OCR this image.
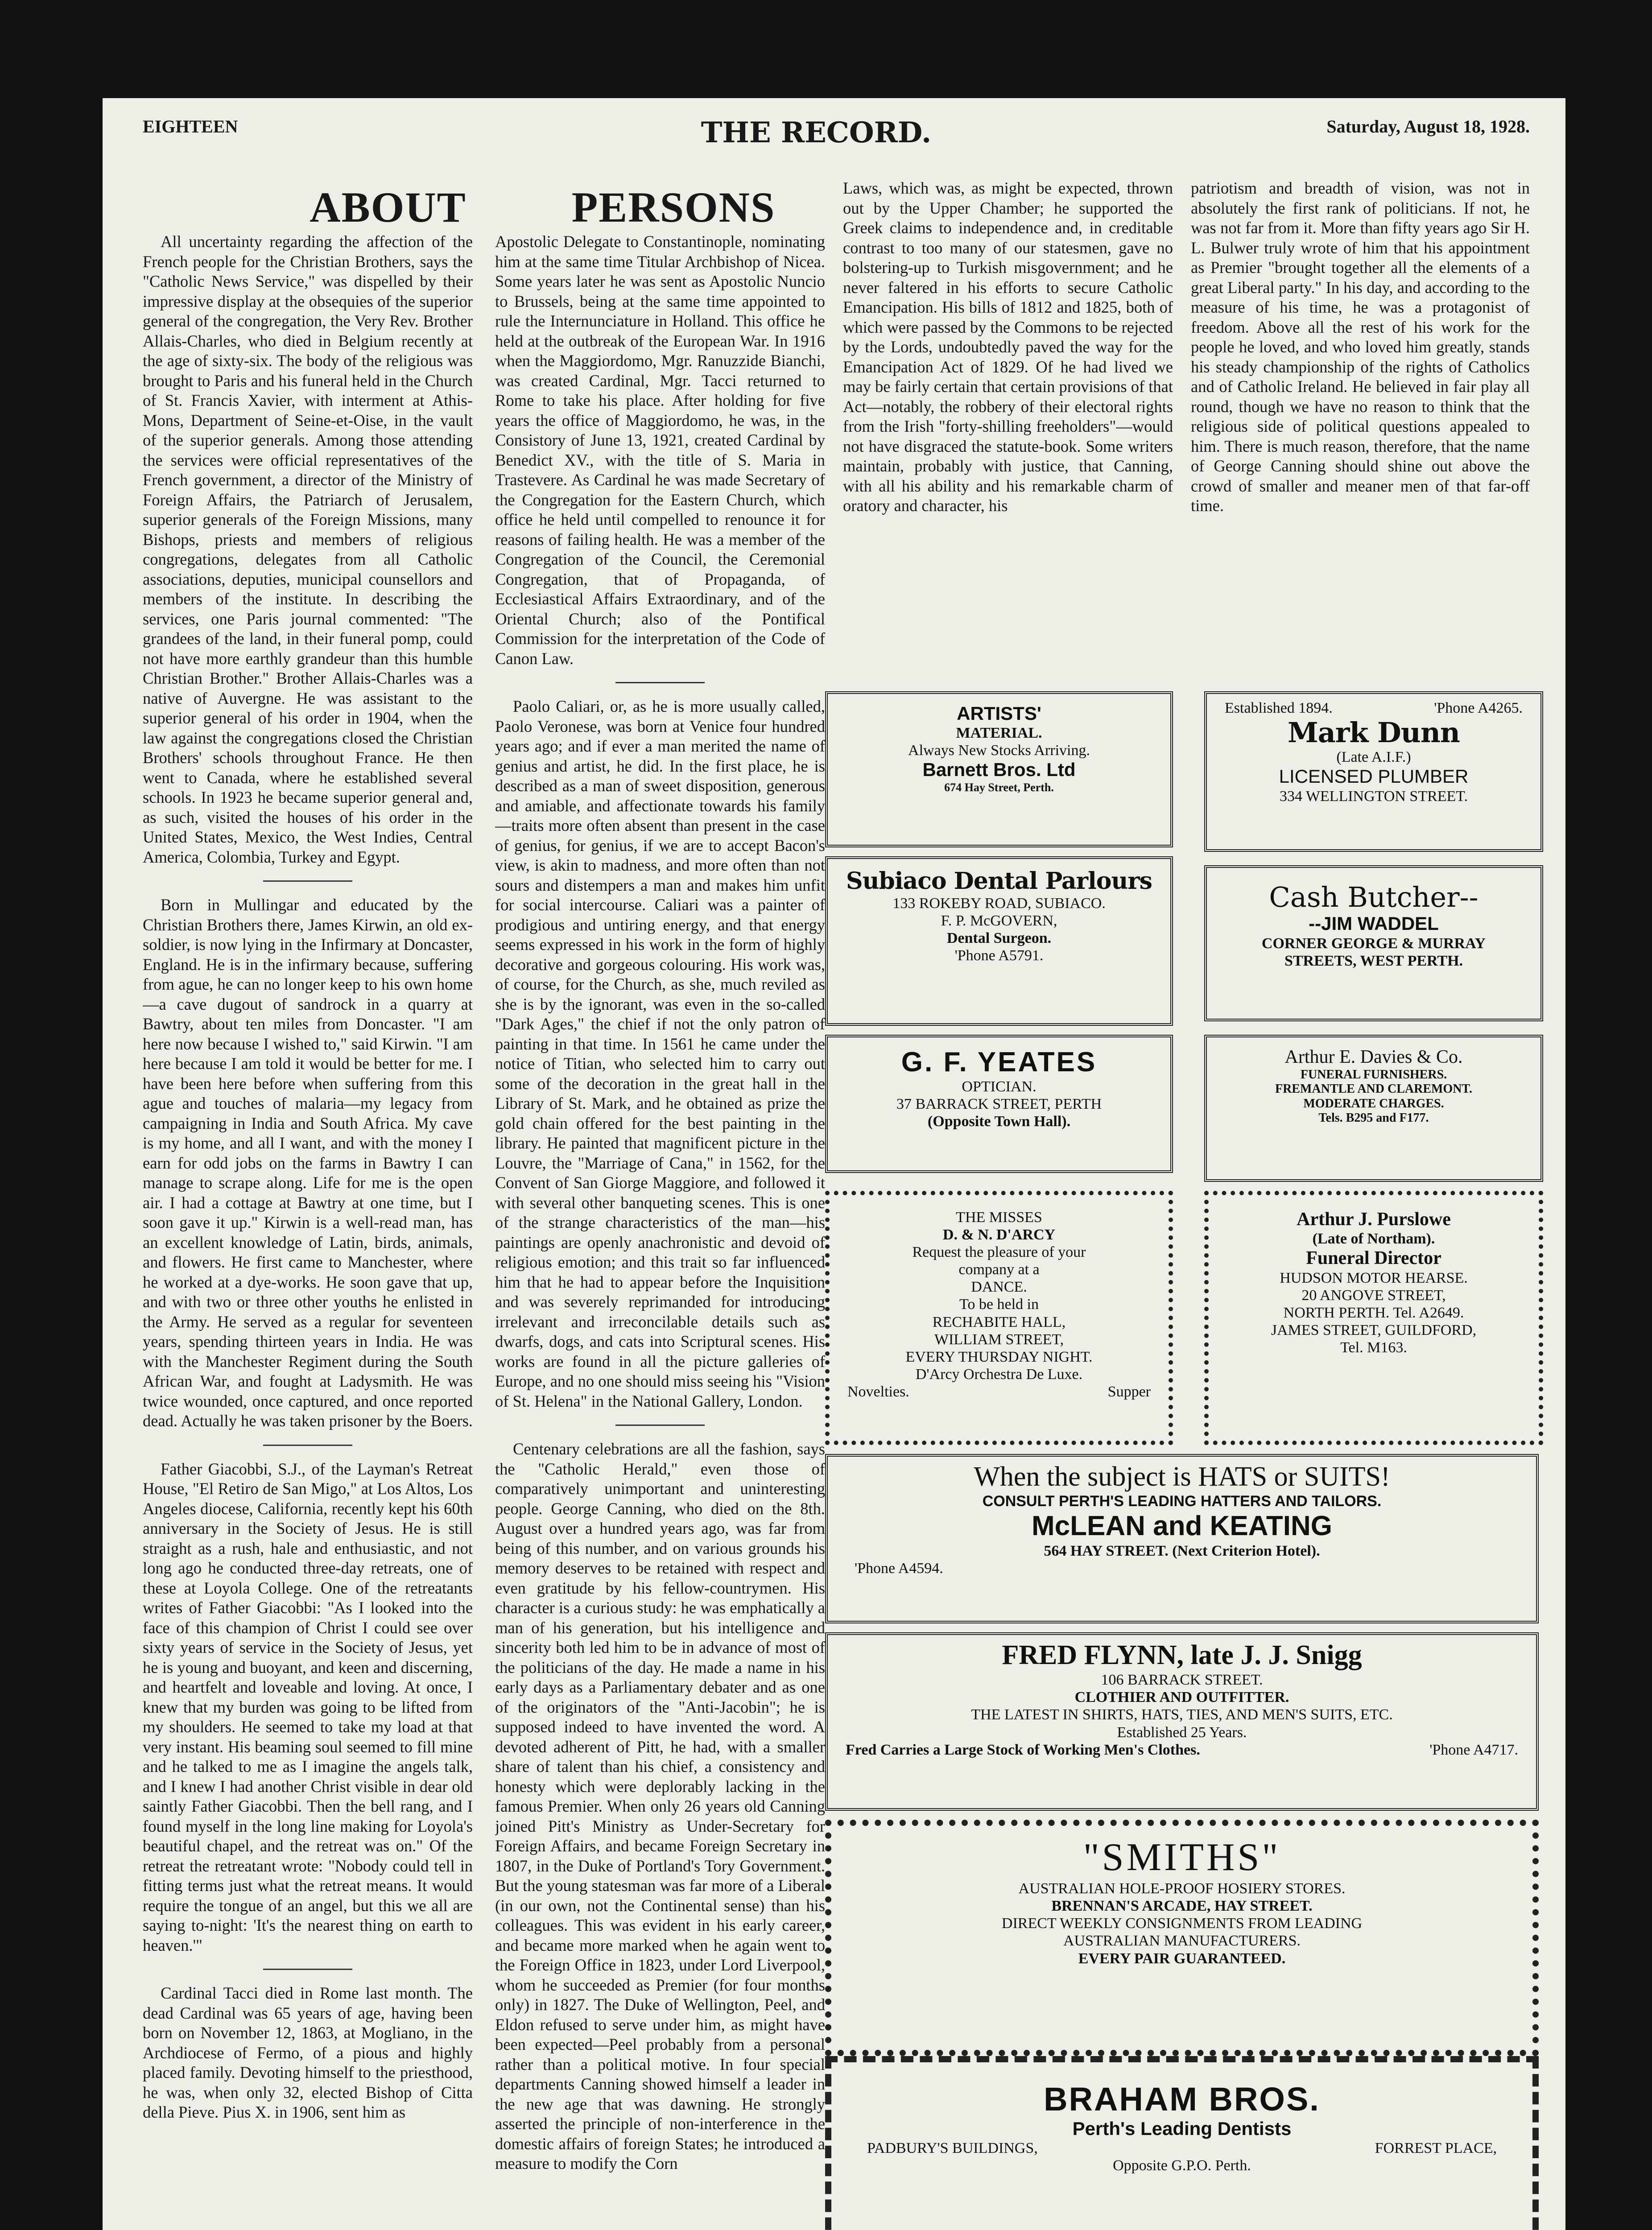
EIGHTEEN	THE RECORD.	Saturday, August 18, 1928.
ABOUT	PERSONS

All uncertainty regarding the affection of the French people for the Christian Brothers, says the "Catholic News Service," was dispelled by their impressive display at the obsequies of the superior general of the congregation, the Very Rev. Brother Allais-Charles, who died in Belgium recently at the age of sixty-six. The body of the religious was brought to Paris and his funeral held in the Church of St. Francis Xavier, with interment at Athis-Mons, Department of Seine-et-Oise, in the vault of the superior generals. Among those attending the services were official representatives of the French government, a director of the Ministry of Foreign Affairs, the Patriarch of Jerusalem, superior generals of the Foreign Missions, many Bishops, priests and members of religious congregations, delegates from all Catholic associations, deputies, municipal counsellors and members of the institute. In describing the services, one Paris journal commented: "The grandees of the land, in their funeral pomp, could not have more earthly grandeur than this humble Christian Brother." Brother Allais-Charles was a native of Auvergne. He was assistant to the superior general of his order in 1904, when the law against the congregations closed the Christian Brothers' schools throughout France. He then went to Canada, where he established several schools. In 1923 he became superior general and, as such, visited the houses of his order in the United States, Mexico, the West Indies, Central America, Colombia, Turkey and Egypt.

Born in Mullingar and educated by the Christian Brothers there, James Kirwin, an old ex-soldier, is now lying in the Infirmary at Doncaster, England. He is in the infirmary because, suffering from ague, he can no longer keep to his own home—a cave dugout of sandrock in a quarry at Bawtry, about ten miles from Doncaster. "I am here now because I wished to," said Kirwin. "I am here because I am told it would be better for me. I have been here before when suffering from this ague and touches of malaria—my legacy from campaigning in India and South Africa. My cave is my home, and all I want, and with the money I earn for odd jobs on the farms in Bawtry I can manage to scrape along. Life for me is the open air. I had a cottage at Bawtry at one time, but I soon gave it up." Kirwin is a well-read man, has an excellent knowledge of Latin, birds, animals, and flowers. He first came to Manchester, where he worked at a dye-works. He soon gave that up, and with two or three other youths he enlisted in the Army. He served as a regular for seventeen years, spending thirteen years in India. He was with the Manchester Regiment during the South African War, and fought at Ladysmith. He was twice wounded, once captured, and once reported dead. Actually he was taken prisoner by the Boers.

Father Giacobbi, S.J., of the Layman's Retreat House, "El Retiro de San Migo," at Los Altos, Los Angeles diocese, California, recently kept his 60th anniversary in the Society of Jesus. He is still straight as a rush, hale and enthusiastic, and not long ago he conducted three-day retreats, one of these at Loyola College. One of the retreatants writes of Father Giacobbi: "As I looked into the face of this champion of Christ I could see over sixty years of service in the Society of Jesus, yet he is young and buoyant, and keen and discerning, and heartfelt and loveable and loving. At once, I knew that my burden was going to be lifted from my shoulders. He seemed to take my load at that very instant. His beaming soul seemed to fill mine and he talked to me as I imagine the angels talk, and I knew I had another Christ visible in dear old saintly Father Giacobbi. Then the bell rang, and I found myself in the long line making for Loyola's beautiful chapel, and the retreat was on." Of the retreat the retreatant wrote: "Nobody could tell in fitting terms just what the retreat means. It would require the tongue of an angel, but this we all are saying to-night: 'It's the nearest thing on earth to heaven.'"

Cardinal Tacci died in Rome last month. The dead Cardinal was 65 years of age, having been born on November 12, 1863, at Mogliano, in the Archdiocese of Fermo, of a pious and highly placed family. Devoting himself to the priesthood, he was, when only 32, elected Bishop of Citta della Pieve. Pius X. in 1906, sent him as

Apostolic Delegate to Constantinople, nominating him at the same time Titular Archbishop of Nicea. Some years later he was sent as Apostolic Nuncio to Brussels, being at the same time appointed to rule the Internunciature in Holland. This office he held at the outbreak of the European War. In 1916 when the Maggiordomo, Mgr. Ranuzzide Bianchi, was created Cardinal, Mgr. Tacci returned to Rome to take his place. After holding for five years the office of Maggiordomo, he was, in the Consistory of June 13, 1921, created Cardinal by Benedict XV., with the title of S. Maria in Trastevere. As Cardinal he was made Secretary of the Congregation for the Eastern Church, which office he held until compelled to renounce it for reasons of failing health. He was a member of the Congregation of the Council, the Ceremonial Congregation, that of Propaganda, of Ecclesiastical Affairs Extraordinary, and of the Oriental Church; also of the Pontifical Commission for the interpretation of the Code of Canon Law.

Paolo Caliari, or, as he is more usually called, Paolo Veronese, was born at Venice four hundred years ago; and if ever a man merited the name of genius and artist, he did. In the first place, he is described as a man of sweet disposition, generous and amiable, and affectionate towards his family—traits more often absent than present in the case of genius, for genius, if we are to accept Bacon's view, is akin to madness, and more often than not sours and distempers a man and makes him unfit for social intercourse. Caliari was a painter of prodigious and untiring energy, and that energy seems expressed in his work in the form of highly decorative and gorgeous colouring. His work was, of course, for the Church, as she, much reviled as she is by the ignorant, was even in the so-called "Dark Ages," the chief if not the only patron of painting in that time. In 1561 he came under the notice of Titian, who selected him to carry out some of the decoration in the great hall in the Library of St. Mark, and he obtained as prize the gold chain offered for the best painting in the library. He painted that magnificent picture in the Louvre, the "Marriage of Cana," in 1562, for the Convent of San Giorge Maggiore, and followed it with several other banqueting scenes. This is one of the strange characteristics of the man—his paintings are openly anachronistic and devoid of religious emotion; and this trait so far influenced him that he had to appear before the Inquisition and was severely reprimanded for introducing irrelevant and irreconcilable details such as dwarfs, dogs, and cats into Scriptural scenes. His works are found in all the picture galleries of Europe, and no one should miss seeing his "Vision of St. Helena" in the National Gallery, London.

Centenary celebrations are all the fashion, says the "Catholic Herald," even those of comparatively unimportant and uninteresting people. George Canning, who died on the 8th. August over a hundred years ago, was far from being of this number, and on various grounds his memory deserves to be retained with respect and even gratitude by his fellow-countrymen. His character is a curious study: he was emphatically a man of his generation, but his intelligence and sincerity both led him to be in advance of most of the politicians of the day. He made a name in his early days as a Parliamentary debater and as one of the originators of the "Anti-Jacobin"; he is supposed indeed to have invented the word. A devoted adherent of Pitt, he had, with a smaller share of talent than his chief, a consistency and honesty which were deplorably lacking in the famous Premier. When only 26 years old Canning joined Pitt's Ministry as Under-Secretary for Foreign Affairs, and became Foreign Secretary in 1807, in the Duke of Portland's Tory Government. But the young statesman was far more of a Liberal (in our own, not the Continental sense) than his colleagues. This was evident in his early career, and became more marked when he again went to the Foreign Office in 1823, under Lord Liverpool, whom he succeeded as Premier (for four months only) in 1827. The Duke of Wellington, Peel, and Eldon refused to serve under him, as might have been expected—Peel probably from a personal rather than a political motive. In four special departments Canning showed himself a leader in the new age that was dawning. He strongly asserted the principle of non-interference in the domestic affairs of foreign States; he introduced a measure to modify the Corn

Laws, which was, as might be expected, thrown out by the Upper Chamber; he supported the Greek claims to independence and, in creditable contrast to too many of our statesmen, gave no bolstering-up to Turkish misgovernment; and he never faltered in his efforts to secure Catholic Emancipation. His bills of 1812 and 1825, both of which were passed by the Commons to be rejected by the Lords, undoubtedly paved the way for the Emancipation Act of 1829. Of he had lived we may be fairly certain that certain provisions of that Act—notably, the robbery of their electoral rights from the Irish "forty-shilling freeholders"—would not have disgraced the statute-book. Some writers maintain, probably with justice, that Canning, with all his ability and his remarkable charm of oratory and character, his

patriotism and breadth of vision, was not in absolutely the first rank of politicians. If not, he was not far from it. More than fifty years ago Sir H. L. Bulwer truly wrote of him that his appointment as Premier "brought together all the elements of a great Liberal party." In his day, and according to the measure of his time, he was a protagonist of freedom. Above all the rest of his work for the people he loved, and who loved him greatly, stands his steady championship of the rights of Catholics and of Catholic Ireland. He believed in fair play all round, though we have no reason to think that the religious side of political questions appealed to him. There is much reason, therefore, that the name of George Canning should shine out above the crowd of smaller and meaner men of that far-off time.

ARTISTS'
MATERIAL.
Always New Stocks Arriving.
Barnett Bros. Ltd
674 Hay Street, Perth.
Established 1894.	'Phone A4265.
Mark Dunn
(Late A.I.F.)
LICENSED PLUMBER
334 WELLINGTON STREET.
Subiaco Dental Parlours
133 ROKEBY ROAD, SUBIACO.
F. P. McGOVERN,
Dental Surgeon.
'Phone A5791.
Cash Butcher--
--JIM WADDEL
CORNER GEORGE & MURRAY
STREETS, WEST PERTH.
G. F. YEATES
OPTICIAN.
37 BARRACK STREET, PERTH
(Opposite Town Hall).
Arthur E. Davies & Co.
FUNERAL FURNISHERS.
FREMANTLE AND CLAREMONT.
MODERATE CHARGES.
Tels. B295 and F177.
THE MISSES
D. & N. D'ARCY
Request the pleasure of your
company at a
DANCE.
To be held in
RECHABITE HALL,
WILLIAM STREET,
EVERY THURSDAY NIGHT.
D'Arcy Orchestra De Luxe.
Novelties.	Supper
Arthur J. Purslowe
(Late of Northam).
Funeral Director
HUDSON MOTOR HEARSE.
20 ANGOVE STREET,
NORTH PERTH. Tel. A2649.
JAMES STREET, GUILDFORD,
Tel. M163.
When the subject is HATS or SUITS!
CONSULT PERTH'S LEADING HATTERS AND TAILORS.
McLEAN and KEATING
564 HAY STREET. (Next Criterion Hotel).
'Phone A4594.
FRED FLYNN, late J. J. Snigg
106 BARRACK STREET.
CLOTHIER AND OUTFITTER.
THE LATEST IN SHIRTS, HATS, TIES, AND MEN'S SUITS, ETC.
Established 25 Years.
Fred Carries a Large Stock of Working Men's Clothes.	'Phone A4717.
"SMITHS"
AUSTRALIAN HOLE-PROOF HOSIERY STORES.
BRENNAN'S ARCADE, HAY STREET.
DIRECT WEEKLY CONSIGNMENTS FROM LEADING
AUSTRALIAN MANUFACTURERS.
EVERY PAIR GUARANTEED.
BRAHAM BROS.
Perth's Leading Dentists
PADBURY'S BUILDINGS,	FORREST PLACE,
Opposite G.P.O. Perth.
